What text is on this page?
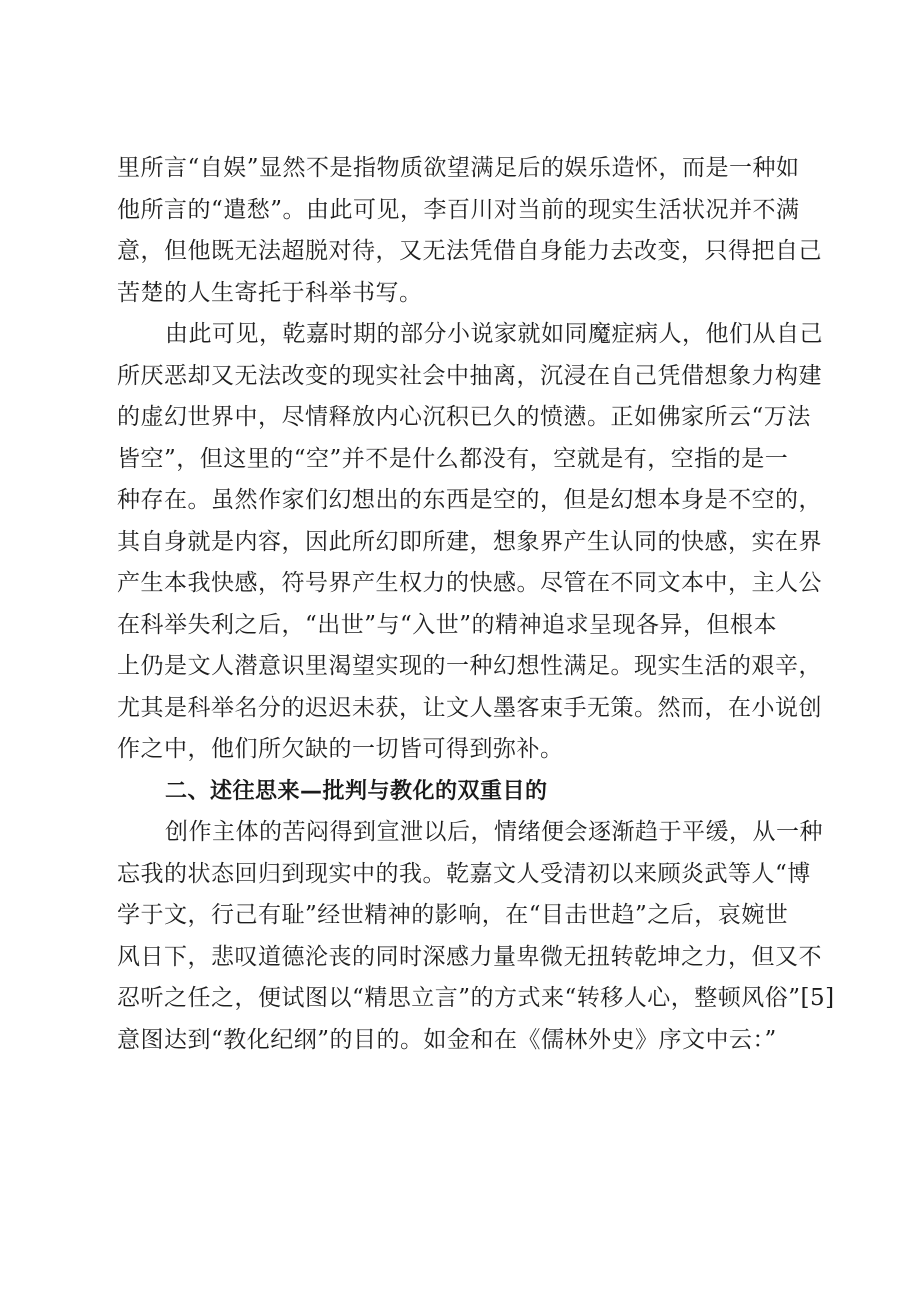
里所言“自娱”显然不是指物质欲望满足后的娱乐造怀，而是一种如
他所言的“遣愁”。由此可见，李百川对当前的现实生活状况并不满
意，但他既无法超脱对待，又无法凭借自身能力去改变，只得把自己
苦楚的人生寄托于科举书写。

由此可见，乾嘉时期的部分小说家就如同魔症病人，他们从自己
所厌恶却又无法改变的现实社会中抽离，沉浸在自己凭借想象力构建
的虚幻世界中，尽情释放内心沉积已久的愤懑。正如佛家所云“万法
皆空”，但这里的“空”并不是什么都没有，空就是有，空指的是一
种存在。虽然作家们幻想出的东西是空的，但是幻想本身是不空的，
其自身就是内容，因此所幻即所建，想象界产生认同的快感，实在界
产生本我快感，符号界产生权力的快感。尽管在不同文本中，主人公
在科举失利之后，“出世”与“入世”的精神追求呈现各异，但根本
上仍是文人潜意识里渴望实现的一种幻想性满足。现实生活的艰辛，
尤其是科举名分的迟迟未获，让文人墨客束手无策。然而，在小说创
作之中，他们所欠缺的一切皆可得到弥补。

二、述往思来—批判与教化的双重目的

创作主体的苦闷得到宣泄以后，情绪便会逐渐趋于平缓，从一种
忘我的状态回归到现实中的我。乾嘉文人受清初以来顾炎武等人“博
学于文，行己有耻”经世精神的影响，在“目击世趋”之后，哀婉世
风日下，悲叹道德沦丧的同时深感力量卑微无扭转乾坤之力，但又不
忍听之任之，便试图以“精思立言”的方式来“转移人心，整顿风俗”[5]
意图达到“教化纪纲”的目的。如金和在《儒林外史》序文中云：”
